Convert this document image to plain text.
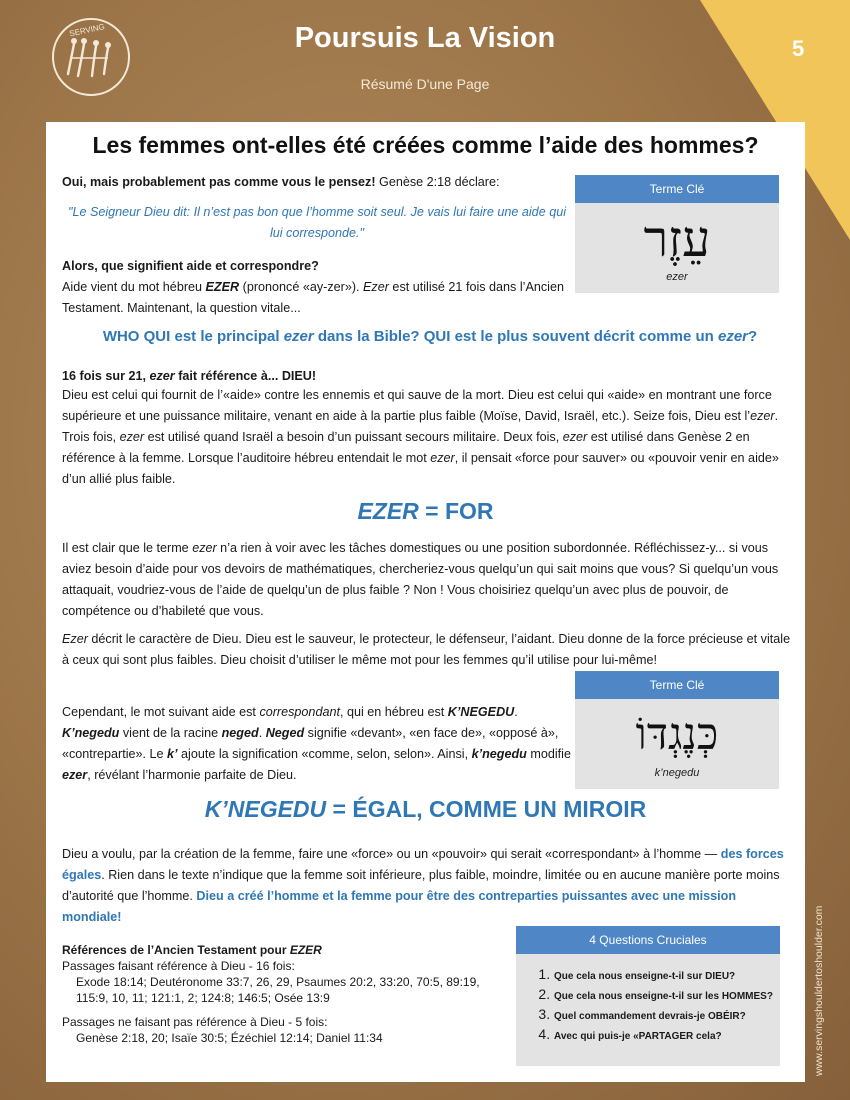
SERVING	Poursuis La Vision
Résumé D'une Page
5
Les femmes ont-elles été créées comme l’aide des hommes?
Oui, mais probablement pas comme vous le pensez! Genèse 2:18 déclare:
"Le Seigneur Dieu dit: Il n’est pas bon que l’homme soit seul. Je vais lui faire une aide qui lui corresponde."
Alors, que signifient aide et correspondre?
Aide vient du mot hébreu EZER (prononcé «ay-zer»). Ezer est utilisé 21 fois dans l’Ancien Testament. Maintenant, la question vitale...
Terme Clé
עֵזֶר
ezer
WHO QUI est le principal ezer dans la Bible? QUI est le plus souvent décrit comme un ezer?
16 fois sur 21, ezer fait référence à... DIEU!
Dieu est celui qui fournit de l’«aide» contre les ennemis et qui sauve de la mort. Dieu est celui qui «aide» en montrant une force supérieure et une puissance militaire, venant en aide à la partie plus faible (Moïse, David, Israël, etc.). Seize fois, Dieu est l’ezer. Trois fois, ezer est utilisé quand Israël a besoin d’un puissant secours militaire. Deux fois, ezer est utilisé dans Genèse 2 en référence à la femme. Lorsque l’auditoire hébreu entendait le mot ezer, il pensait «force pour sauver» ou «pouvoir venir en aide» d’un allié plus faible.
EZER = FOR
Il est clair que le terme ezer n’a rien à voir avec les tâches domestiques ou une position subordonnée. Réfléchissez-y... si vous aviez besoin d’aide pour vos devoirs de mathématiques, chercheriez-vous quelqu’un qui sait moins que vous? Si quelqu’un vous attaquait, voudriez-vous de l’aide de quelqu’un de plus faible ? Non ! Vous choisiriez quelqu’un avec plus de pouvoir, de compétence ou d’habileté que vous.
Ezer décrit le caractère de Dieu. Dieu est le sauveur, le protecteur, le défenseur, l’aidant. Dieu donne de la force précieuse et vitale à ceux qui sont plus faibles. Dieu choisit d’utiliser le même mot pour les femmes qu’il utilise pour lui-même!
Cependant, le mot suivant aide est correspondant, qui en hébreu est K’NEGEDU. K’negedu vient de la racine neged. Neged signifie «devant», «en face de», «opposé à», «contrepartie». Le k’ ajoute la signification «comme, selon, selon». Ainsi, k’negedu modifie ezer, révélant l’harmonie parfaite de Dieu.
Terme Clé
כְּנֶגְדּוֹ
k’negedu
K’NEGEDU = ÉGAL, COMME UN MIROIR
Dieu a voulu, par la création de la femme, faire une «force» ou un «pouvoir» qui serait «correspondant» à l’homme — des forces égales. Rien dans le texte n’indique que la femme soit inférieure, plus faible, moindre, limitée ou en aucune manière porte moins d’autorité que l’homme. Dieu a créé l’homme et la femme pour être des contreparties puissantes avec une mission mondiale!
Références de l’Ancien Testament pour EZER
Passages faisant référence à Dieu - 16 fois:
Exode 18:14; Deutéronome 33:7, 26, 29, Psaumes 20:2, 33:20, 70:5, 89:19, 115:9, 10, 11; 121:1, 2; 124:8; 146:5; Osée 13:9
Passages ne faisant pas référence à Dieu - 5 fois:
Genèse 2:18, 20; Isaïe 30:5; Ézéchiel 12:14; Daniel 11:34
4 Questions Cruciales
1. Que cela nous enseigne-t-il sur DIEU?
2. Que cela nous enseigne-t-il sur les HOMMES?
3. Quel commandement devrais-je OBÉIR?
4. Avec qui puis-je «PARTAGER cela?	www.servingshouldertoshoulder.com
